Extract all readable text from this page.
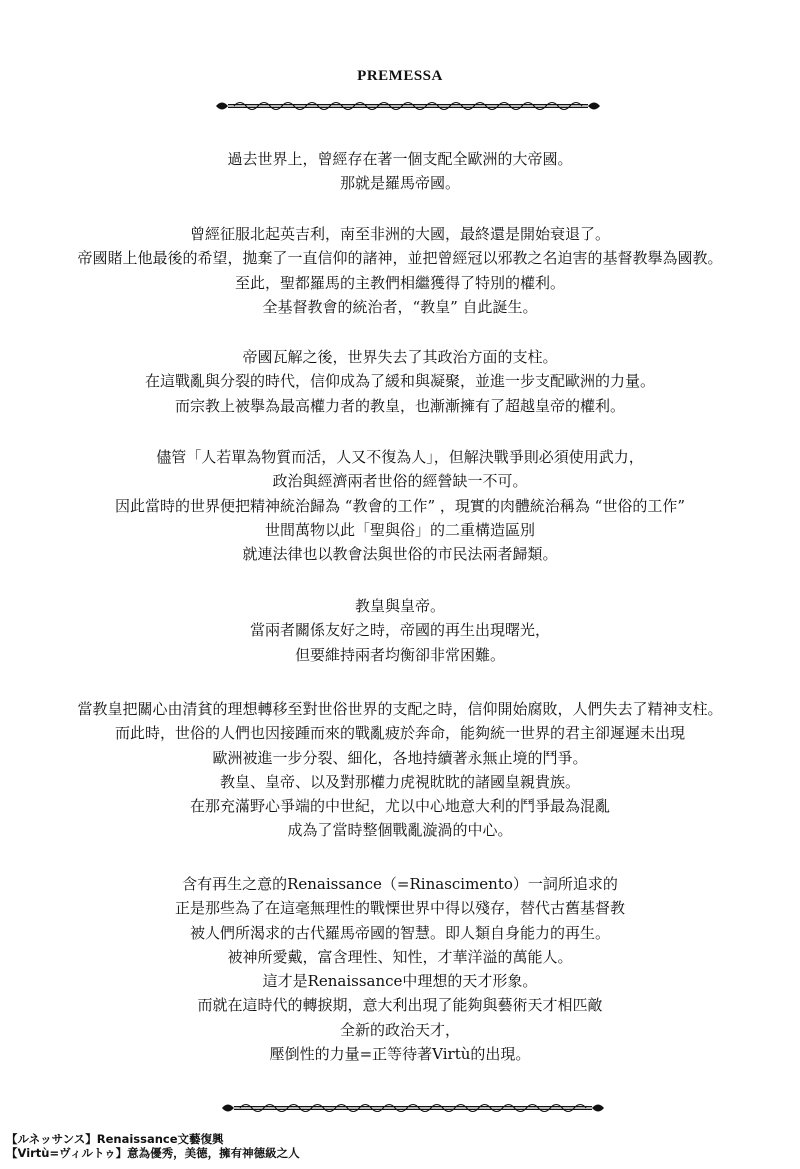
PREMESSA
過去世界上，曾經存在著一個支配全歐洲的大帝國。
那就是羅馬帝國。
曾經征服北起英吉利，南至非洲的大國，最終還是開始衰退了。
帝國賭上他最後的希望，拋棄了一直信仰的諸神，並把曾經冠以邪教之名迫害的基督教擧為國教。
至此，聖都羅馬的主教們相繼獲得了特別的權利。
全基督教會的統治者，“教皇” 自此誕生。
帝國瓦解之後，世界失去了其政治方面的支柱。
在這戰亂與分裂的時代，信仰成為了緩和與凝聚，並進一步支配歐洲的力量。
而宗教上被擧為最高權力者的教皇，也漸漸擁有了超越皇帝的權利。
儘管「人若單為物質而活，人又不復為人」，但解決戰爭則必須使用武力，
政治與經濟兩者世俗的經營缺一不可。
因此當時的世界便把精神統治歸為 “教會的工作” ，現實的肉體統治稱為 “世俗的工作”
世間萬物以此「聖與俗」的二重構造區別
就連法律也以教會法與世俗的市民法兩者歸類。
教皇與皇帝。
當兩者關係友好之時，帝國的再生出現曙光，
但要維持兩者均衡卻非常困難。
當教皇把關心由清貧的理想轉移至對世俗世界的支配之時，信仰開始腐敗，人們失去了精神支柱。
而此時，世俗的人們也因接踵而來的戰亂疲於奔命，能夠統一世界的君主卻遲遲未出現
歐洲被進一步分裂、細化，各地持續著永無止境的鬥爭。
教皇、皇帝、以及對那權力虎視眈眈的諸國皇親貴族。
在那充滿野心爭端的中世紀，尤以中心地意大利的鬥爭最為混亂
成為了當時整個戰亂漩渦的中心。
含有再生之意的Renaissance（=Rinascimento）一詞所追求的
正是那些為了在這毫無理性的戰慄世界中得以殘存，替代古舊基督教
被人們所渴求的古代羅馬帝國的智慧。即人類自身能力的再生。
被神所愛戴，富含理性、知性，才華洋溢的萬能人。
這才是Renaissance中理想的天才形象。
而就在這時代的轉捩期，意大利出現了能夠與藝術天才相匹敵
全新的政治天才，
壓倒性的力量=正等待著Virtù的出現。
【ルネッサンス】Renaissance文藝復興
【Virtù=ヴィルトゥ】意為優秀，美德，擁有神德級之人
